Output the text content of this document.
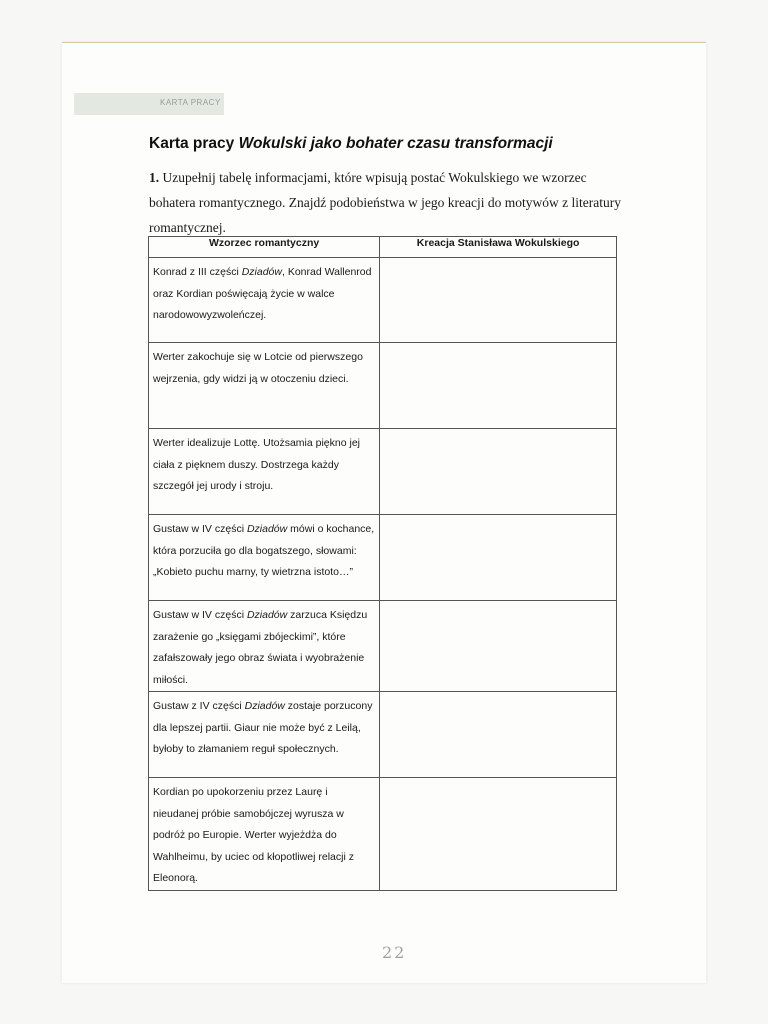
KARTA PRACY
Karta pracy Wokulski jako bohater czasu transformacji
1. Uzupełnij tabelę informacjami, które wpisują postać Wokulskiego we wzorzec bohatera romantycznego. Znajdź podobieństwa w jego kreacji do motywów z literatury romantycznej.
Wzorzec romantyczny	Kreacja Stanisława Wokulskiego
Konrad z III części Dziadów, Konrad Wallenrod oraz Kordian poświęcają życie w walce narodowowyzwoleńczej.	
Werter zakochuje się w Lotcie od pierwszego wejrzenia, gdy widzi ją w otoczeniu dzieci.	
Werter idealizuje Lottę. Utożsamia piękno jej ciała z pięknem duszy. Dostrzega każdy szczegół jej urody i stroju.	
Gustaw w IV części Dziadów mówi o kochance, która porzuciła go dla bogatszego, słowami: „Kobieto puchu marny, ty wietrzna istoto…”	
Gustaw w IV części Dziadów zarzuca Księdzu zarażenie go „księgami zbójeckimi”, które zafałszowały jego obraz świata i wyobrażenie miłości.	
Gustaw z IV części Dziadów zostaje porzucony dla lepszej partii. Giaur nie może być z Leilą, byłoby to złamaniem reguł społecznych.	
Kordian po upokorzeniu przez Laurę i nieudanej próbie samobójczej wyrusza w podróż po Europie. Werter wyjeżdża do Wahlheimu, by uciec od kłopotliwej relacji z Eleonorą.	
22
